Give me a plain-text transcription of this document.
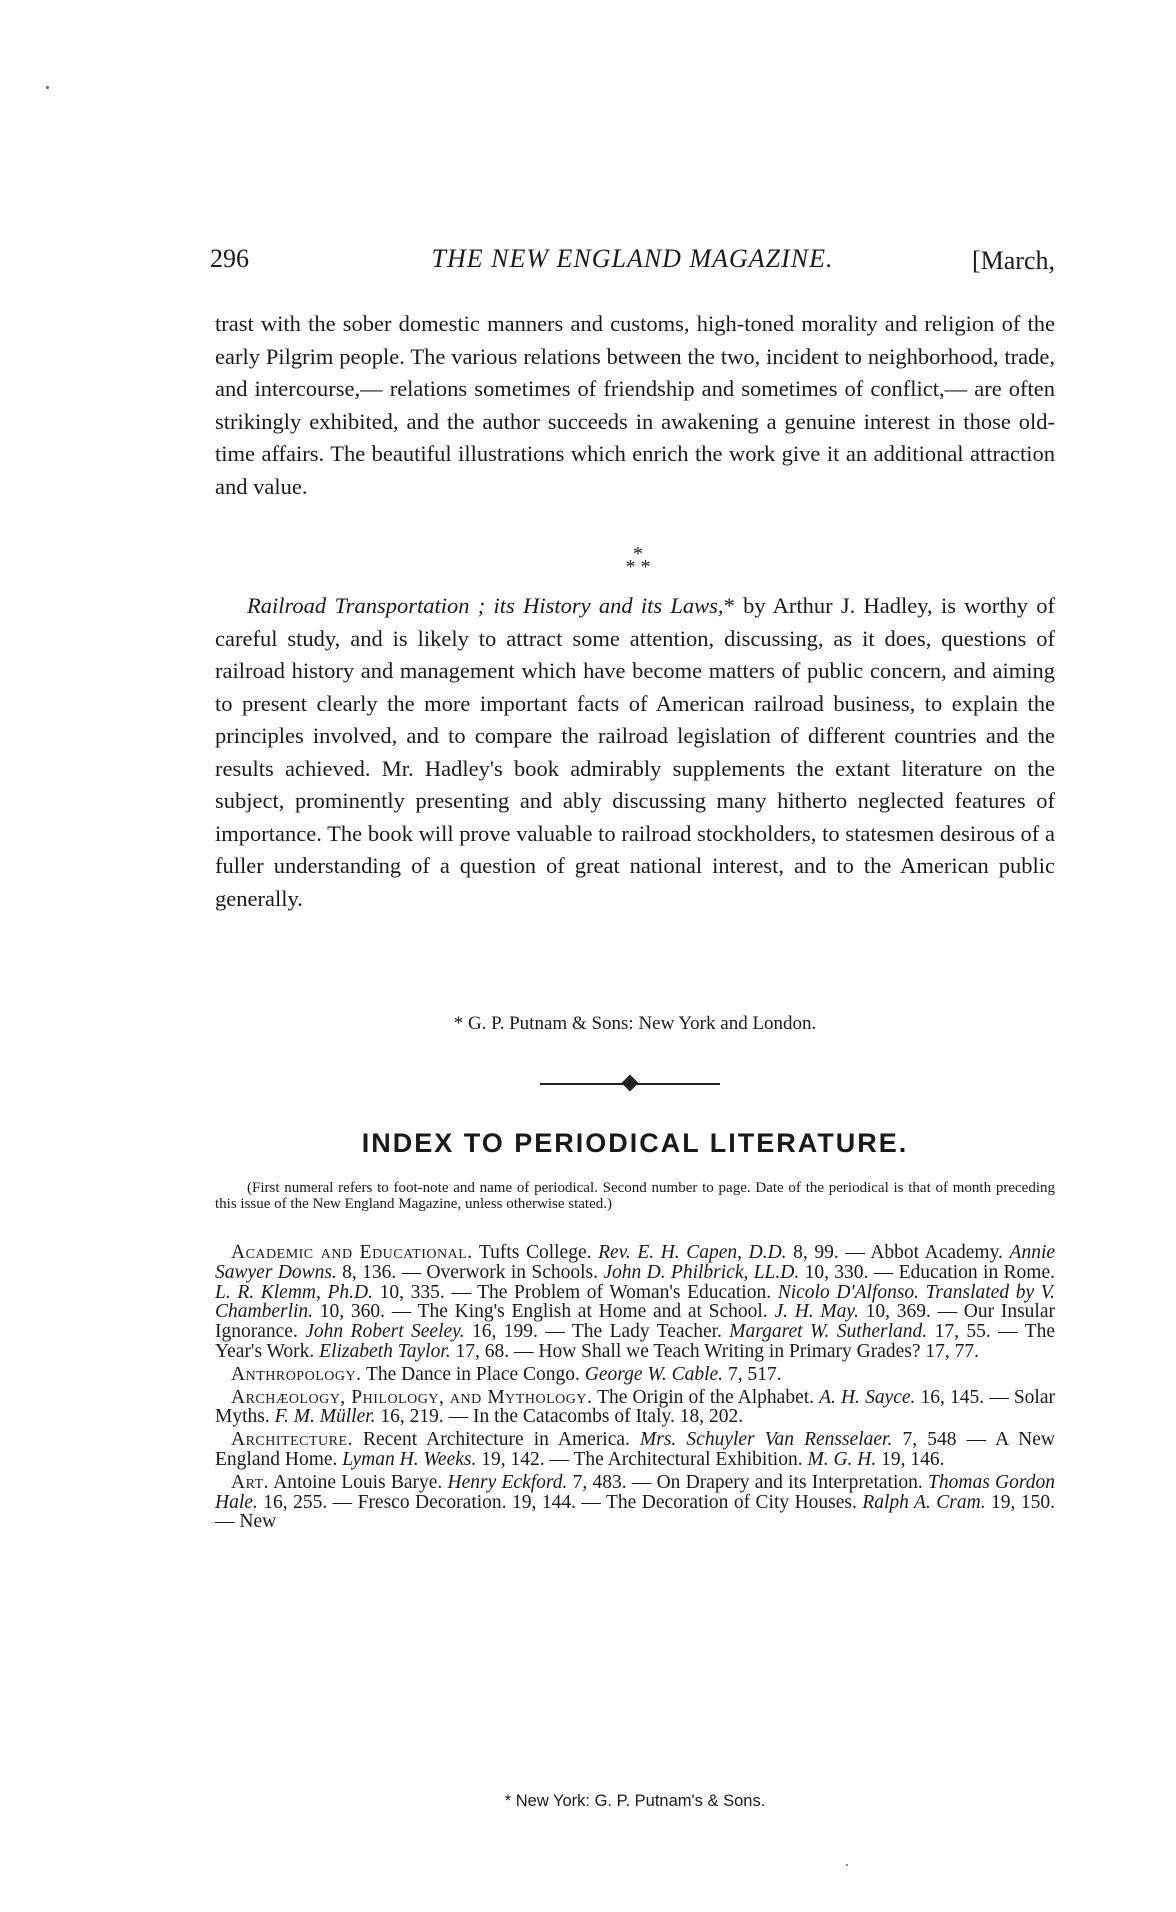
296	THE NEW ENGLAND MAGAZINE.	[March,
trast with the sober domestic manners and customs, high-toned morality and religion of the early Pilgrim people. The various relations between the two, incident to neighborhood, trade, and intercourse,— relations sometimes of friendship and sometimes of conflict,— are often strikingly exhibited, and the author succeeds in awakening a genuine interest in those old-time affairs. The beautiful illustrations which enrich the work give it an additional attraction and value.
*
* *
Railroad Transportation ; its History and its Laws,* by Arthur J. Hadley, is worthy of careful study, and is likely to attract some attention, discussing, as it does, questions of railroad history and management which have become matters of public concern, and aiming to present clearly the more important facts of American railroad business, to explain the principles involved, and to compare the railroad legislation of different countries and the results achieved. Mr. Hadley's book admirably supplements the extant literature on the subject, prominently presenting and ably discussing many hitherto neglected features of importance. The book will prove valuable to railroad stockholders, to statesmen desirous of a fuller understanding of a question of great national interest, and to the American public generally.
* G. P. Putnam & Sons: New York and London.
INDEX TO PERIODICAL LITERATURE.
(First numeral refers to foot-note and name of periodical. Second number to page. Date of the periodical is that of month preceding this issue of the New England Magazine, unless otherwise stated.)

Academic and Educational. Tufts College. Rev. E. H. Capen, D.D. 8, 99. — Abbot Academy. Annie Sawyer Downs. 8, 136. — Overwork in Schools. John D. Philbrick, LL.D. 10, 330. — Education in Rome. L. R. Klemm, Ph.D. 10, 335. — The Problem of Woman's Education. Nicolo D'Alfonso. Translated by V. Chamberlin. 10, 360. — The King's English at Home and at School. J. H. May. 10, 369. — Our Insular Ignorance. John Robert Seeley. 16, 199. — The Lady Teacher. Margaret W. Sutherland. 17, 55. — The Year's Work. Elizabeth Taylor. 17, 68. — How Shall we Teach Writing in Primary Grades? 17, 77.

Anthropology. The Dance in Place Congo. George W. Cable. 7, 517.

Archæology, Philology, and Mythology. The Origin of the Alphabet. A. H. Sayce. 16, 145. — Solar Myths. F. M. Müller. 16, 219. — In the Catacombs of Italy. 18, 202.

Architecture. Recent Architecture in America. Mrs. Schuyler Van Rensselaer. 7, 548 — A New England Home. Lyman H. Weeks. 19, 142. — The Architectural Exhibition. M. G. H. 19, 146.

Art. Antoine Louis Barye. Henry Eckford. 7, 483. — On Drapery and its Interpretation. Thomas Gordon Hale. 16, 255. — Fresco Decoration. 19, 144. — The Decoration of City Houses. Ralph A. Cram. 19, 150. — New

* New York: G. P. Putnam's & Sons.
